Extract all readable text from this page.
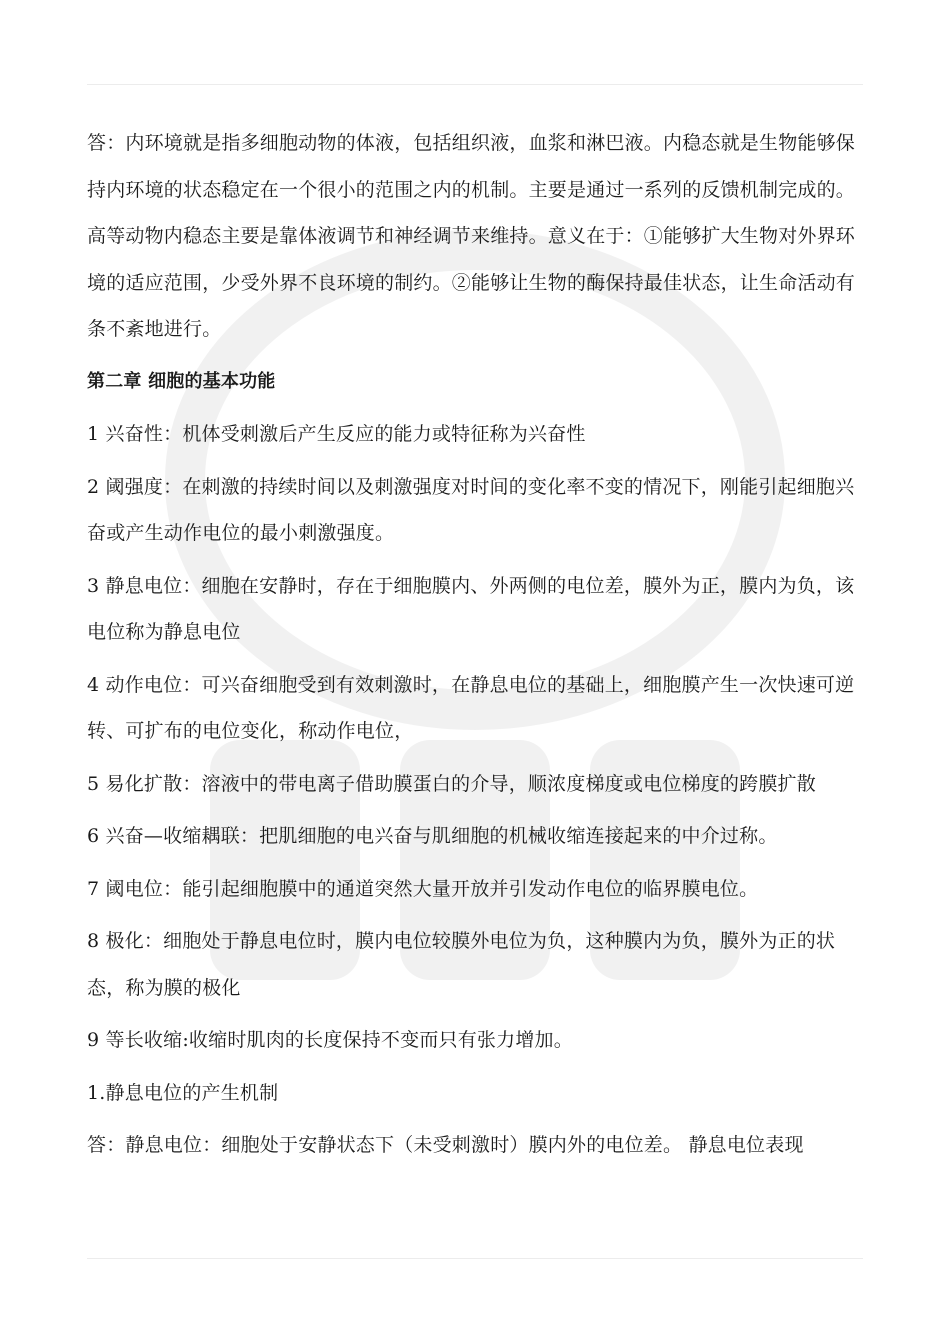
答：内环境就是指多细胞动物的体液，包括组织液，血浆和淋巴液。内稳态就是生物能够保持内环境的状态稳定在一个很小的范围之内的机制。主要是通过一系列的反馈机制完成的。高等动物内稳态主要是靠体液调节和神经调节来维持。意义在于：①能够扩大生物对外界环境的适应范围，少受外界不良环境的制约。②能够让生物的酶保持最佳状态，让生命活动有条不紊地进行。

第二章 细胞的基本功能

1 兴奋性：机体受刺激后产生反应的能力或特征称为兴奋性

2 阈强度：在刺激的持续时间以及刺激强度对时间的变化率不变的情况下，刚能引起细胞兴奋或产生动作电位的最小刺激强度。

3 静息电位：细胞在安静时，存在于细胞膜内、外两侧的电位差，膜外为正，膜内为负，该电位称为静息电位

4 动作电位：可兴奋细胞受到有效刺激时，在静息电位的基础上，细胞膜产生一次快速可逆转、可扩布的电位变化，称动作电位，

5 易化扩散：溶液中的带电离子借助膜蛋白的介导，顺浓度梯度或电位梯度的跨膜扩散

6 兴奋—收缩耦联：把肌细胞的电兴奋与肌细胞的机械收缩连接起来的中介过称。

7 阈电位：能引起细胞膜中的通道突然大量开放并引发动作电位的临界膜电位。

8 极化：细胞处于静息电位时，膜内电位较膜外电位为负，这种膜内为负，膜外为正的状态，称为膜的极化

9 等长收缩:收缩时肌肉的长度保持不变而只有张力增加。

1.静息电位的产生机制

答：静息电位：细胞处于安静状态下（未受刺激时）膜内外的电位差。 静息电位表现
